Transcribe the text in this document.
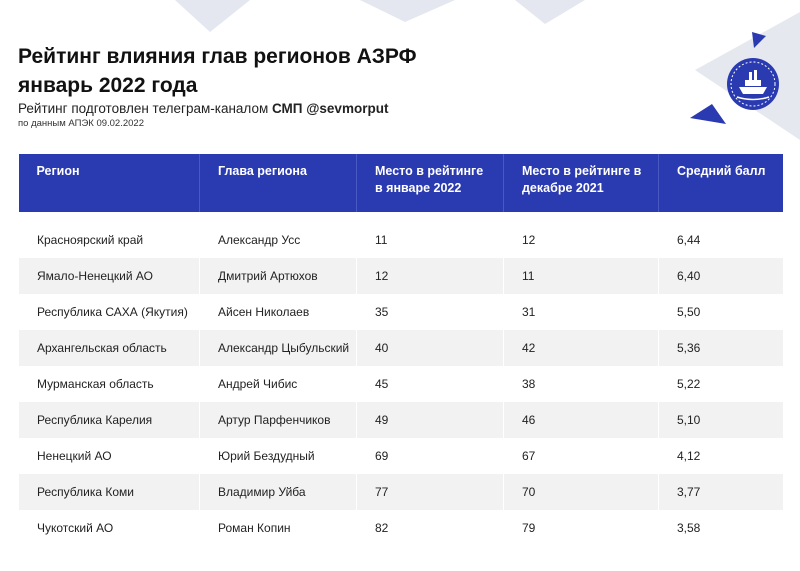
Рейтинг влияния глав регионов АЗРФ
январь 2022 года

Рейтинг подготовлен телеграм-каналом СМП @sevmorput

по данным АПЭК 09.02.2022

Регион	Глава региона	Место в рейтинге в январе 2022	Место в рейтинге в декабре 2021	Средний балл
Красноярский край	Александр Усс	11	12	6,44
Ямало-Ненецкий АО	Дмитрий Артюхов	12	11	6,40
Республика САХА (Якутия)	Айсен Николаев	35	31	5,50
Архангельская область	Александр Цыбульский	40	42	5,36
Мурманская область	Андрей Чибис	45	38	5,22
Республика Карелия	Артур Парфенчиков	49	46	5,10
Ненецкий АО	Юрий Бездудный	69	67	4,12
Республика Коми	Владимир Уйба	77	70	3,77
Чукотский АО	Роман Копин	82	79	3,58
